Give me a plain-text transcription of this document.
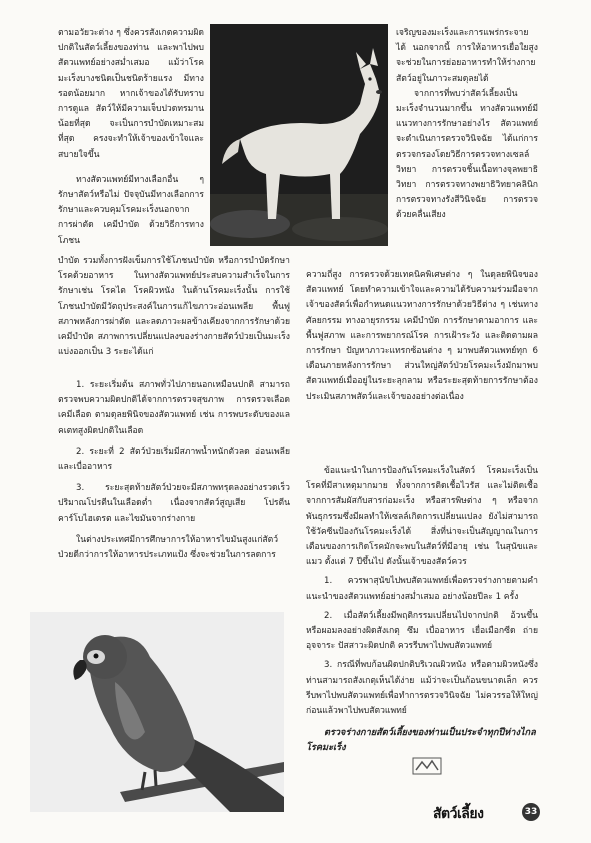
ตามอวัยวะต่าง ๆ ซึ่งควรสังเกตความผิดปกติในสัตว์เลี้ยงของท่าน และพาไปพบสัตวแพทย์อย่างสม่ำเสมอ แม้ว่าโรคมะเร็งบางชนิดเป็นชนิดร้ายแรง มีทางรอดน้อยมาก หากเจ้าของได้รับทราบการดูแล สัตว์ให้มีความเจ็บปวดทรมานน้อยที่สุด จะเป็นการบำบัดเหมาะสมที่สุด ครงจะทำให้เจ้าของเข้าใจและสบายใจขึ้น

ทางสัตวแพทย์มีทางเลือกอื่น ๆ รักษาสัตว์หรือไม่ ปัจจุบันมีทางเลือกการรักษาและควบคุมโรคมะเร็งนอกจากการผ่าตัด เคมีบำบัด ด้วยวิธีการทางโภชน

เจริญของมะเร็งและการแพร่กระจายได้ นอกจากนี้ การให้อาหารเยื่อใยสูง จะช่วยในการย่อยอาหารทำให้ร่างกายสัตว์อยู่ในภาวะสมดุลยได้

จากการที่พบว่าสัตว์เลี้ยงเป็นมะเร็งจำนวนมากขึ้น ทางสัตวแพทย์มีแนวทางการรักษาอย่างไร สัตวแพทย์จะดำเนินการตรวจวินิจฉัย ได้แก่การตรวจกรองโดยวิธีการตรวจทางเซลล์วิทยา การตรวจชิ้นเนื้อทางจุลพยาธิวิทยา การตรวจทางพยาธิวิทยาคลินิก การตรวจทางรังสีวินิจฉัย การตรวจด้วยคลื่นเสียง

บำบัด รวมทั้งการฝังเข็มการใช้โภชนบำบัด หรือการบำบัดรักษาโรคด้วยอาหาร ในทางสัตวแพทย์ประสบความสำเร็จในการรักษาเช่น โรคไต โรคผิวหนัง ในด้านโรคมะเร็งนั้น การใช้โภชนบำบัดมีวัตถุประสงค์ในการแก้ไขภาวะอ่อนเพลีย พื้นฟูสภาพหลังการผ่าตัด และลดภาวะผลข้างเคียงจากการรักษาด้วยเคมีบำบัด สภาพการเปลี่ยนแปลงของร่างกายสัตว์ป่วยเป็นมะเร็งแบ่งออกเป็น 3 ระยะได้แก่

1. ระยะเริ่มต้น สภาพทั่วไปภายนอกเหมือนปกติ สามารถตรวจพบความผิดปกติได้จากการตรวจสุขภาพ การตรวจเลือด เคมีเลือด ตามดุลยพินิจของสัตวแพทย์ เช่น การพบระดับของแลคเตทสูงผิดปกติในเลือด

2. ระยะที่ 2 สัตว์ป่วยเริ่มมีสภาพน้ำหนักตัวลด อ่อนเพลีย และเบื่ออาหาร

3. ระยะสุดท้ายสัตว์ป่วยจะมีสภาพทรุดลงอย่างรวดเร็ว ปริมาณโปรตีนในเลือดต่ำ เนื่องจากสัตว์สูญเสีย โปรตีน คาร์โบไฮเดรต และไขมันจากร่างกาย

ในต่างประเทศมีการศึกษาการให้อาหารไขมันสูงแก่สัตว์ป่วยดีกว่าการให้อาหารประเภทแป้ง ซึ่งจะช่วยในการลดการ

ความถี่สูง การตรวจด้วยเทคนิคพิเศษต่าง ๆ ในดุลยพินิจของสัตวแพทย์ โดยทำความเข้าใจและความได้รับความร่วมมือจากเจ้าของสัตว์เพื่อกำหนดแนวทางการรักษาด้วยวิธีต่าง ๆ เช่นทางศัลยกรรม ทางอายุรกรรม เคมีบำบัด การรักษาตามอาการ และพื้นฟูสภาพ และการพยากรณ์โรค การเฝ้าระวัง และติดตามผลการรักษา ปัญหาภาวะแทรกซ้อนต่าง ๆ มาพบสัตวแพทย์ทุก 6 เดือนภายหลังการรักษา ส่วนใหญ่สัตว์ป่วยโรคมะเร็งมักมาพบสัตวแพทย์เมื่ออยู่ในระยะลุกลาม หรือระยะสุดท้ายการรักษาต้องประเมินสภาพสัตว์และเจ้าของอย่างต่อเนื่อง

ข้อแนะนำในการป้องกันโรคมะเร็งในสัตว์ โรคมะเร็งเป็นโรคที่มีสาเหตุมากมาย ทั้งจากการติดเชื้อไวรัส และไม่ติดเชื้อ จากการสัมผัสกับสารก่อมะเร็ง หรือสารพิษต่าง ๆ หรือจากพันธุกรรมซึ่งมีผลทำให้เซลล์เกิดการเปลี่ยนแปลง ยังไม่สามารถใช้วัคซีนป้องกันโรคมะเร็งได้ สิ่งที่น่าจะเป็นสัญญาณในการเตือนของการเกิดโรคมักจะพบในสัตว์ที่มีอายุ เช่น ในสุนัขและแมว ตั้งแต่ 7 ปีขึ้นไป ดังนั้นเจ้าของสัตว์ควร

1. ควรพาสุนัขไปพบสัตวแพทย์เพื่อตรวจร่างกายตามคำแนะนำของสัตวแพทย์อย่างสม่ำเสมอ อย่างน้อยปีละ 1 ครั้ง

2. เมื่อสัตว์เลี้ยงมีพฤติกรรมเปลี่ยนไปจากปกติ อ้วนขึ้น หรือผอมลงอย่างผิดสังเกตุ ซึม เบื่ออาหาร เยื่อเมือกซีด ถ่ายอุจจาระ ปัสสาวะผิดปกติ ควรรีบพาไปพบสัตวแพทย์

3. กรณีที่พบก้อนผิดปกติบริเวณผิวหนัง หรือตามผิวหนังซึ่งท่านสามารถสังเกตุเห็นได้ง่าย แม้ว่าจะเป็นก้อนขนาดเล็ก ควรรีบพาไปพบสัตวแพทย์เพื่อทำการตรวจวินิจฉัย ไม่ควรรอให้ใหญ่ก่อนแล้วพาไปพบสัตวแพทย์

ตรวจร่างกายสัตว์เลี้ยงของท่านเป็นประจำทุกปีห่างไกลโรคมะเร็ง

สัตว์เลี้ยง	33
